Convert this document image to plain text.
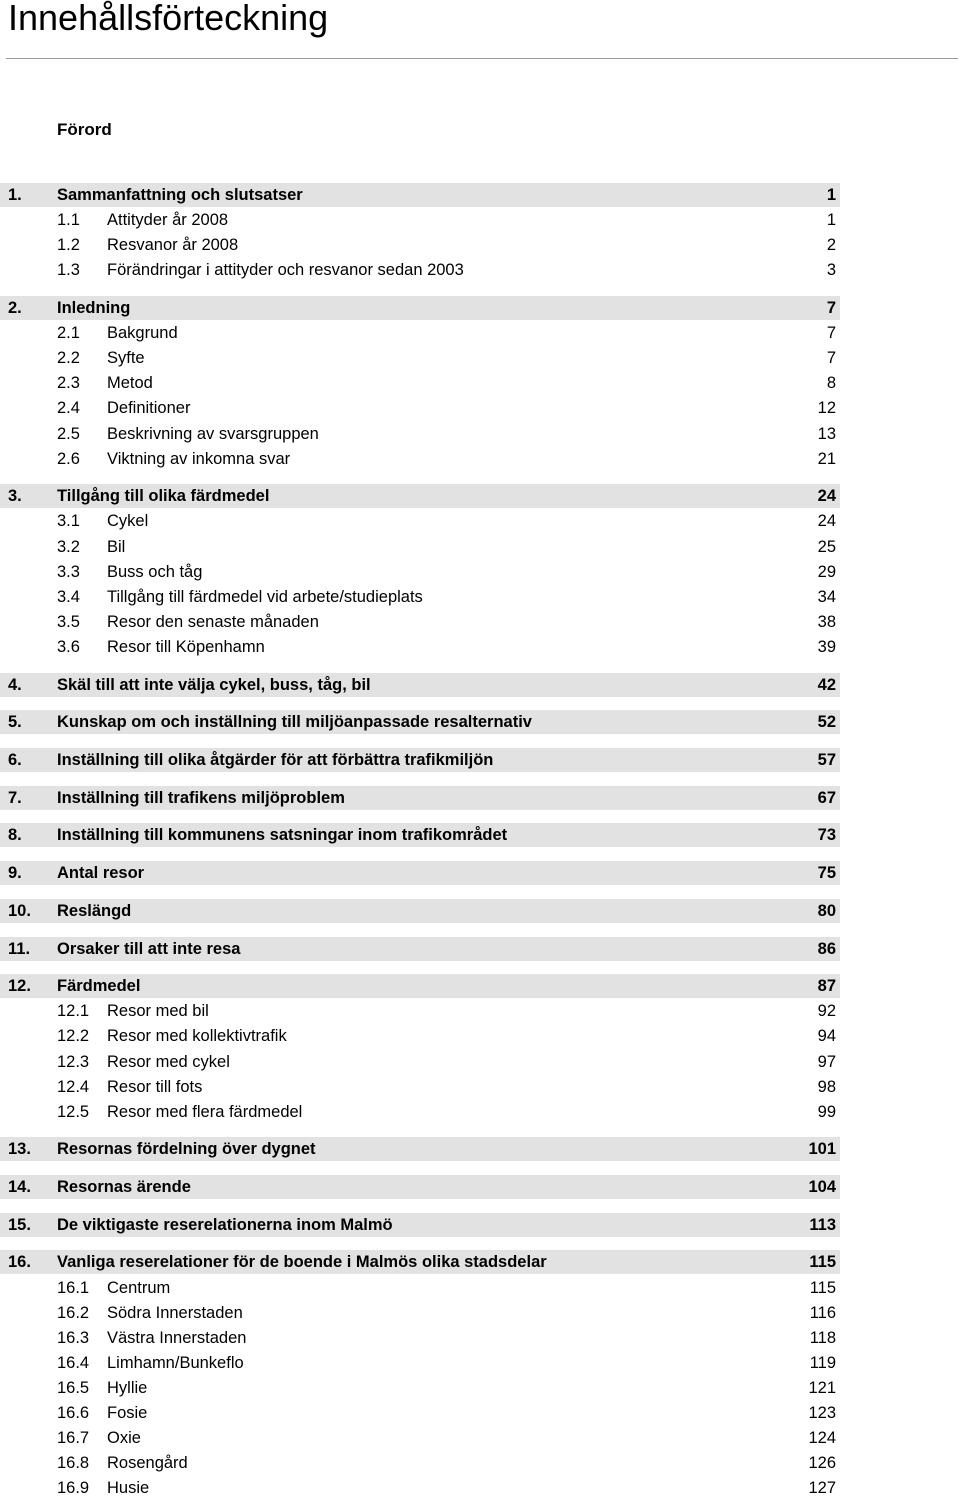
Innehållsförteckning
Förord
1. Sammanfattning och slutsatser	1
1.1 Attityder år 2008	1
1.2 Resvanor år 2008	2
1.3 Förändringar i attityder och resvanor sedan 2003	3
2. Inledning	7
2.1 Bakgrund	7
2.2 Syfte	7
2.3 Metod	8
2.4 Definitioner	12
2.5 Beskrivning av svarsgruppen	13
2.6 Viktning av inkomna svar	21
3. Tillgång till olika färdmedel	24
3.1 Cykel	24
3.2 Bil	25
3.3 Buss och tåg	29
3.4 Tillgång till färdmedel vid arbete/studieplats	34
3.5 Resor den senaste månaden	38
3.6 Resor till Köpenhamn	39
4. Skäl till att inte välja cykel, buss, tåg, bil	42
5. Kunskap om och inställning till miljöanpassade resalternativ	52
6. Inställning till olika åtgärder för att förbättra trafikmiljön	57
7. Inställning till trafikens miljöproblem	67
8. Inställning till kommunens satsningar inom trafikområdet	73
9. Antal resor	75
10. Reslängd	80
11. Orsaker till att inte resa	86
12. Färdmedel	87
12.1 Resor med bil	92
12.2 Resor med kollektivtrafik	94
12.3 Resor med cykel	97
12.4 Resor till fots	98
12.5 Resor med flera färdmedel	99
13. Resornas fördelning över dygnet	101
14. Resornas ärende	104
15. De viktigaste reserelationerna inom Malmö	113
16. Vanliga reserelationer för de boende i Malmös olika stadsdelar	115
16.1 Centrum	115
16.2 Södra Innerstaden	116
16.3 Västra Innerstaden	118
16.4 Limhamn/Bunkeflo	119
16.5 Hyllie	121
16.6 Fosie	123
16.7 Oxie	124
16.8 Rosengård	126
16.9 Husie	127
